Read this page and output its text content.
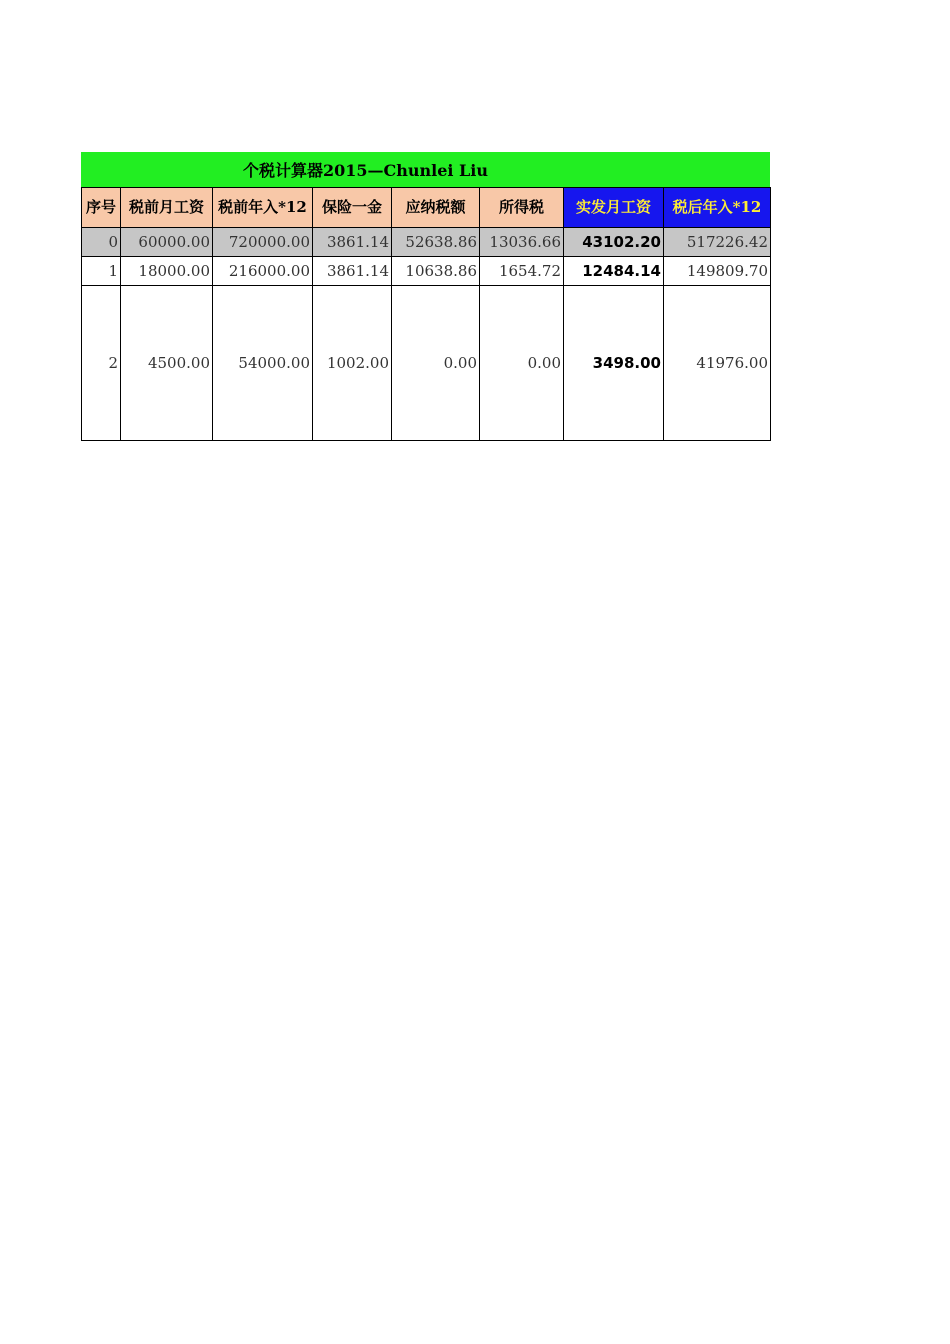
个税计算器2015—Chunlei Liu
序号	税前月工资	税前年入*12	保险一金	应纳税额	所得税	实发月工资	税后年入*12
0	60000.00	720000.00	3861.14	52638.86	13036.66	43102.20	517226.42
1	18000.00	216000.00	3861.14	10638.86	1654.72	12484.14	149809.70
2	4500.00	54000.00	1002.00	0.00	0.00	3498.00	41976.00
